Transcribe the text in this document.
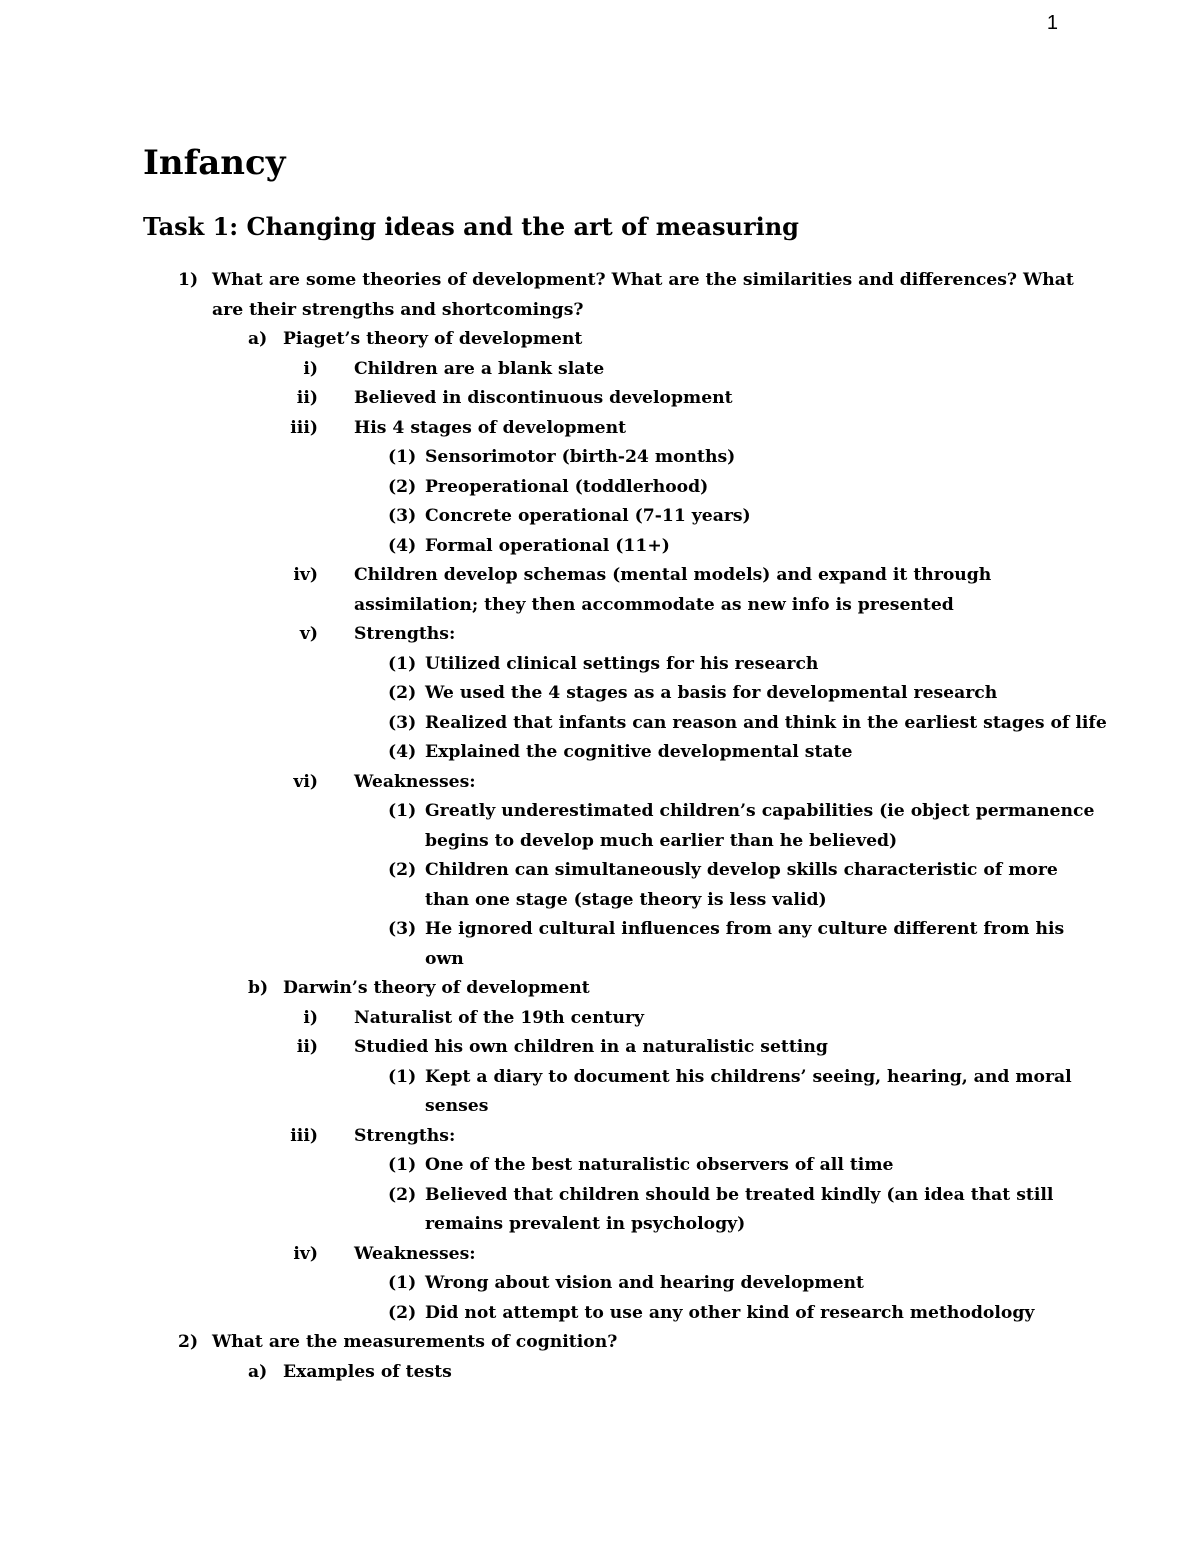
1
Infancy
Task 1: Changing ideas and the art of measuring
1) What are some theories of development? What are the similarities and differences? What
are their strengths and shortcomings?
a) Piaget’s theory of development
i) Children are a blank slate
ii) Believed in discontinuous development
iii) His 4 stages of development
(1) Sensorimotor (birth-24 months)
(2) Preoperational (toddlerhood)
(3) Concrete operational (7-11 years)
(4) Formal operational (11+)
iv) Children develop schemas (mental models) and expand it through
assimilation; they then accommodate as new info is presented
v) Strengths:
(1) Utilized clinical settings for his research
(2) We used the 4 stages as a basis for developmental research
(3) Realized that infants can reason and think in the earliest stages of life
(4) Explained the cognitive developmental state
vi) Weaknesses:
(1) Greatly underestimated children’s capabilities (ie object permanence
begins to develop much earlier than he believed)
(2) Children can simultaneously develop skills characteristic of more
than one stage (stage theory is less valid)
(3) He ignored cultural influences from any culture different from his
own
b) Darwin’s theory of development
i) Naturalist of the 19th century
ii) Studied his own children in a naturalistic setting
(1) Kept a diary to document his childrens’ seeing, hearing, and moral
senses
iii) Strengths:
(1) One of the best naturalistic observers of all time
(2) Believed that children should be treated kindly (an idea that still
remains prevalent in psychology)
iv) Weaknesses:
(1) Wrong about vision and hearing development
(2) Did not attempt to use any other kind of research methodology
2) What are the measurements of cognition?
a) Examples of tests
